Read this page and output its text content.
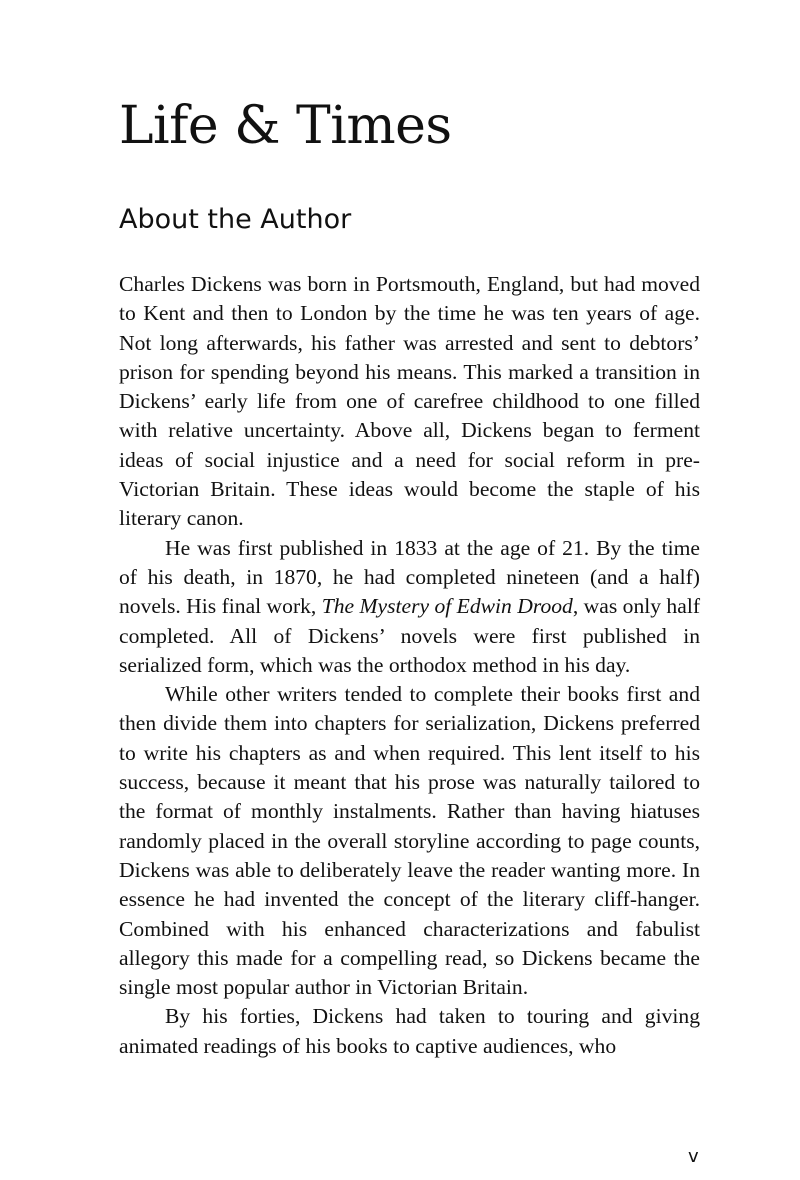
Life & Times
About the Author

Charles Dickens was born in Portsmouth, England, but had moved to Kent and then to London by the time he was ten years of age. Not long afterwards, his father was arrested and sent to debtors’ prison for spending beyond his means. This marked a transition in Dickens’ early life from one of carefree childhood to one filled with relative uncertainty. Above all, Dickens began to ferment ideas of social injustice and a need for social reform in pre-Victorian Britain. These ideas would become the staple of his literary canon.

He was first published in 1833 at the age of 21. By the time of his death, in 1870, he had completed nineteen (and a half) novels. His final work, The Mystery of Edwin Drood, was only half completed. All of Dickens’ novels were first published in serialized form, which was the orthodox method in his day.

While other writers tended to complete their books first and then divide them into chapters for serialization, Dickens preferred to write his chapters as and when required. This lent itself to his success, because it meant that his prose was naturally tailored to the format of monthly instalments. Rather than having hiatuses randomly placed in the overall storyline according to page counts, Dickens was able to deliberately leave the reader wanting more. In essence he had invented the concept of the literary cliff-hanger. Combined with his enhanced characterizations and fabulist allegory this made for a compelling read, so Dickens became the single most popular author in Victorian Britain.

By his forties, Dickens had taken to touring and giving animated readings of his books to captive audiences, who

v
